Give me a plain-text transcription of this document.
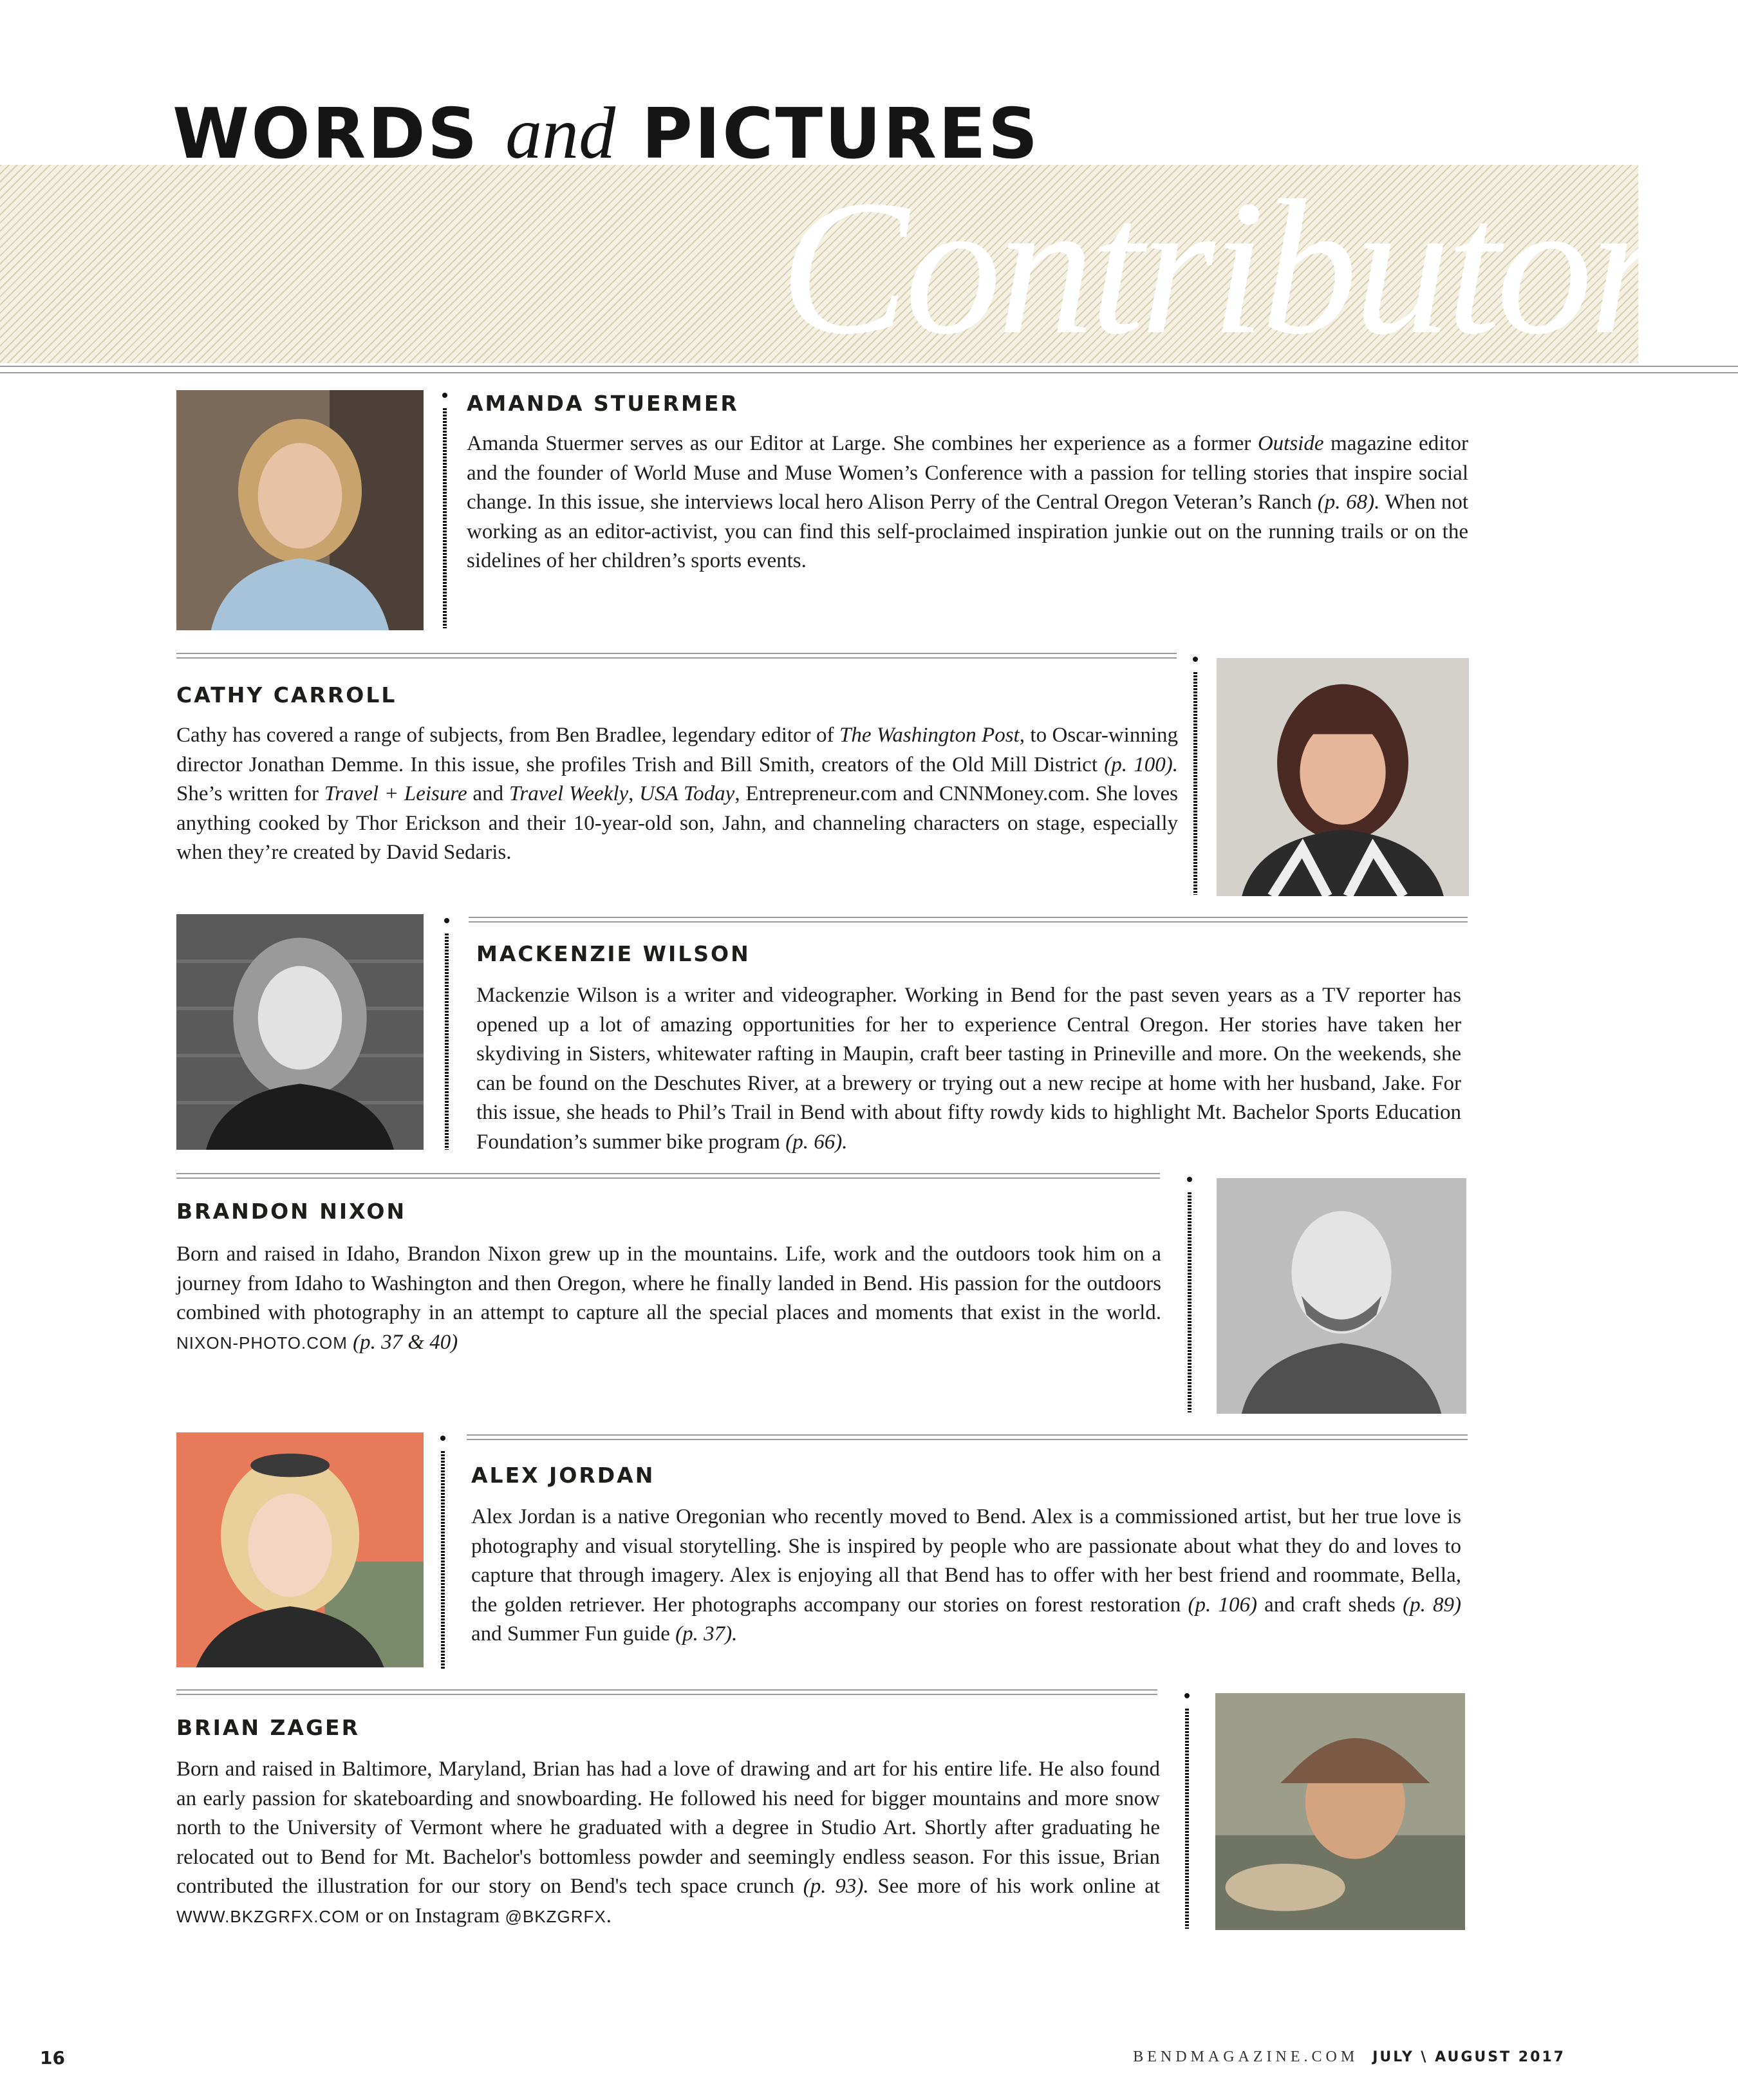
Contributors
WORDS and PICTURES
AMANDA STUERMER

Amanda Stuermer serves as our Editor at Large. She combines her experience as a former Outside magazine editor and the founder of World Muse and Muse Women’s Conference with a passion for telling stories that inspire social change. In this issue, she interviews local hero Alison Perry of the Central Oregon Veteran’s Ranch (p. 68). When not working as an editor-activist, you can find this self-proclaimed inspiration junkie out on the running trails or on the sidelines of her children’s sports events.

CATHY CARROLL

Cathy has covered a range of subjects, from Ben Bradlee, legendary editor of The Washington Post, to Oscar-winning director Jonathan Demme. In this issue, she profiles Trish and Bill Smith, creators of the Old Mill District (p. 100). She’s written for Travel + Leisure and Travel Weekly, USA Today, Entrepreneur.com and CNNMoney.com. She loves anything cooked by Thor Erickson and their 10-year-old son, Jahn, and channeling characters on stage, especially when they’re created by David Sedaris.

MACKENZIE WILSON

Mackenzie Wilson is a writer and videographer. Working in Bend for the past seven years as a TV reporter has opened up a lot of amazing opportunities for her to experience Central Oregon. Her stories have taken her skydiving in Sisters, whitewater rafting in Maupin, craft beer tasting in Prineville and more. On the weekends, she can be found on the Deschutes River, at a brewery or trying out a new recipe at home with her husband, Jake. For this issue, she heads to Phil’s Trail in Bend with about fifty rowdy kids to highlight Mt. Bachelor Sports Education Foundation’s summer bike program (p. 66).

BRANDON NIXON

Born and raised in Idaho, Brandon Nixon grew up in the mountains. Life, work and the outdoors took him on a journey from Idaho to Washington and then Oregon, where he finally landed in Bend. His passion for the outdoors combined with photography in an attempt to capture all the special places and moments that exist in the world. NIXON-PHOTO.COM (p. 37 & 40)

ALEX JORDAN

Alex Jordan is a native Oregonian who recently moved to Bend. Alex is a commissioned artist, but her true love is photography and visual storytelling. She is inspired by people who are passionate about what they do and loves to capture that through imagery. Alex is enjoying all that Bend has to offer with her best friend and roommate, Bella, the golden retriever. Her photographs accompany our stories on forest restoration (p. 106) and craft sheds (p. 89) and Summer Fun guide (p. 37).

BRIAN ZAGER

Born and raised in Baltimore, Maryland, Brian has had a love of drawing and art for his entire life. He also found an early passion for skateboarding and snowboarding. He followed his need for bigger mountains and more snow north to the University of Vermont where he graduated with a degree in Studio Art. Shortly after graduating he relocated out to Bend for Mt. Bachelor's bottomless powder and seemingly endless season. For this issue, Brian contributed the illustration for our story on Bend's tech space crunch (p. 93). See more of his work online at WWW.BKZGRFX.COM or on Instagram @BKZGRFX.

16	BENDMAGAZINE.COM JULY \ AUGUST 2017
